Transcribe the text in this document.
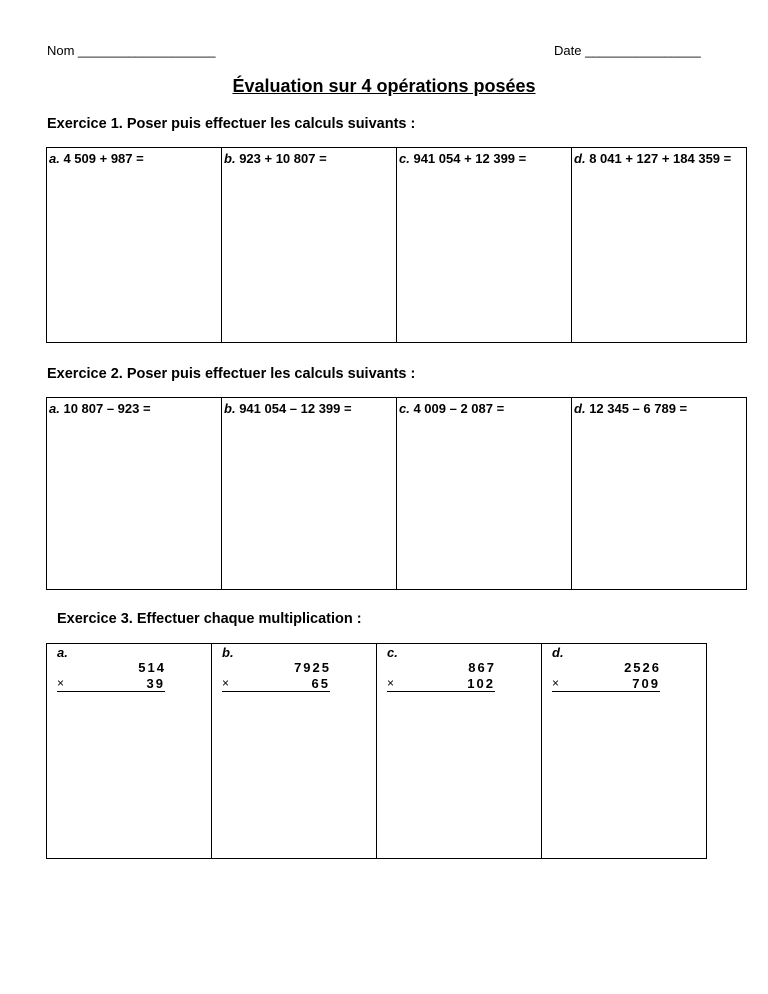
Nom ___________________	Date ________________
Évaluation sur 4 opérations posées
Exercice 1. Poser puis effectuer les calculs suivants :
a. 4 509 + 987 =	b. 923 + 10 807 =	c. 941 054 + 12 399 =	d. 8 041 + 127 + 184 359 =
Exercice 2. Poser puis effectuer les calculs suivants :
a. 10 807 – 923 =	b. 941 054 – 12 399 =	c. 4 009 – 2 087 =	d. 12 345 – 6 789 =
Exercice 3. Effectuer chaque multiplication :
a.
514
×	39

b.
7925
×	65

c.
867
×	102

d.
2526
×	709
